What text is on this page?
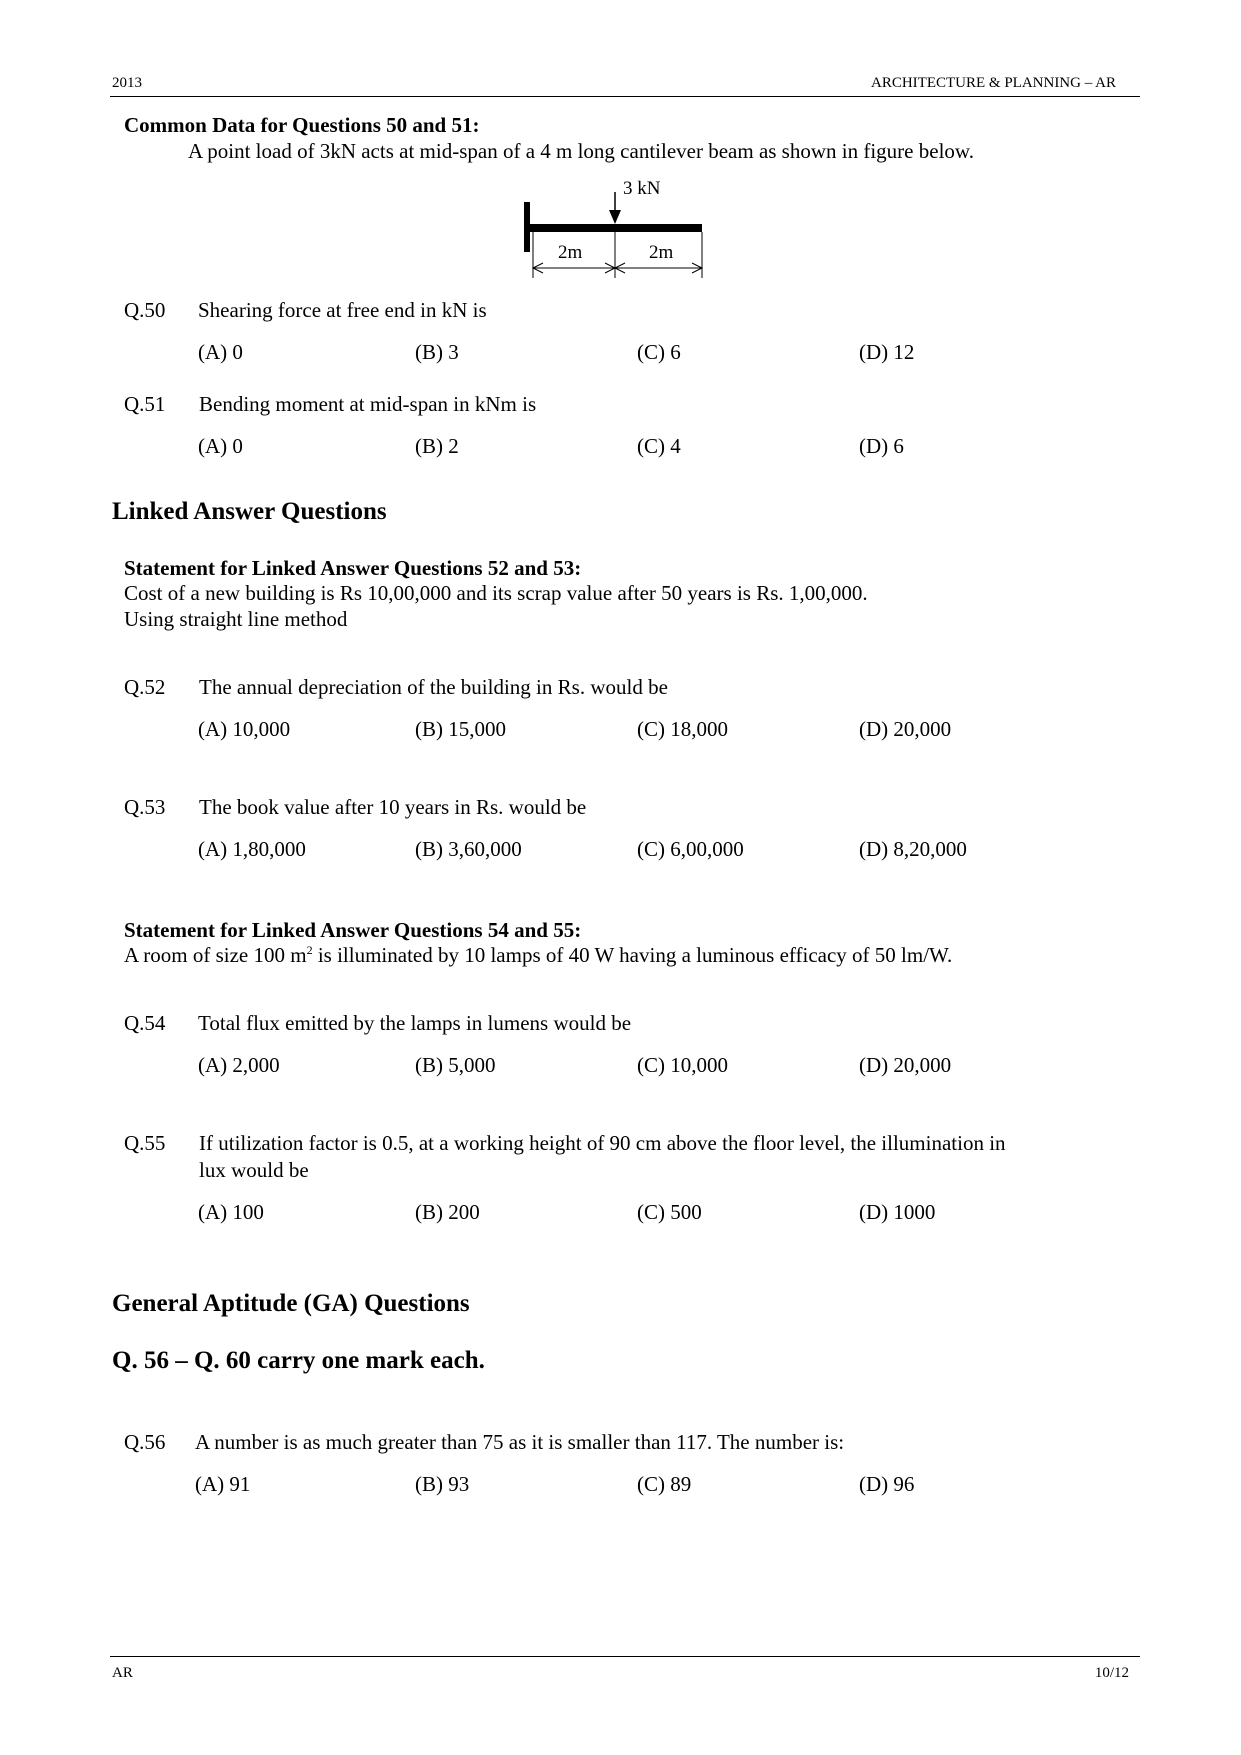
2013	ARCHITECTURE & PLANNING – AR
Common Data for Questions 50 and 51:
A point load of 3kN acts at mid-span of a 4 m long cantilever beam as shown in figure below.
3 kN
2m	2m
Q.50 Shearing force at free end in kN is
(A) 0	(B) 3	(C) 6	(D) 12
Q.51 Bending moment at mid-span in kNm is
(A) 0	(B) 2	(C) 4	(D) 6
Linked Answer Questions
Statement for Linked Answer Questions 52 and 53:
Cost of a new building is Rs 10,00,000 and its scrap value after 50 years is Rs. 1,00,000.
Using straight line method
Q.52 The annual depreciation of the building in Rs. would be
(A) 10,000	(B) 15,000	(C) 18,000	(D) 20,000
Q.53 The book value after 10 years in Rs. would be
(A) 1,80,000	(B) 3,60,000	(C) 6,00,000	(D) 8,20,000
Statement for Linked Answer Questions 54 and 55:
A room of size 100 $m^2$ is illuminated by 10 lamps of 40 W having a luminous efficacy of 50 lm/W.
Q.54 Total flux emitted by the lamps in lumens would be
(A) 2,000	(B) 5,000	(C) 10,000	(D) 20,000
Q.55 If utilization factor is 0.5, at a working height of 90 cm above the floor level, the illumination in
lux would be
(A) 100	(B) 200	(C) 500	(D) 1000
General Aptitude (GA) Questions
Q. 56 – Q. 60 carry one mark each.
Q.56 A number is as much greater than 75 as it is smaller than 117. The number is:
(A) 91	(B) 93	(C) 89	(D) 96
AR	10/12
